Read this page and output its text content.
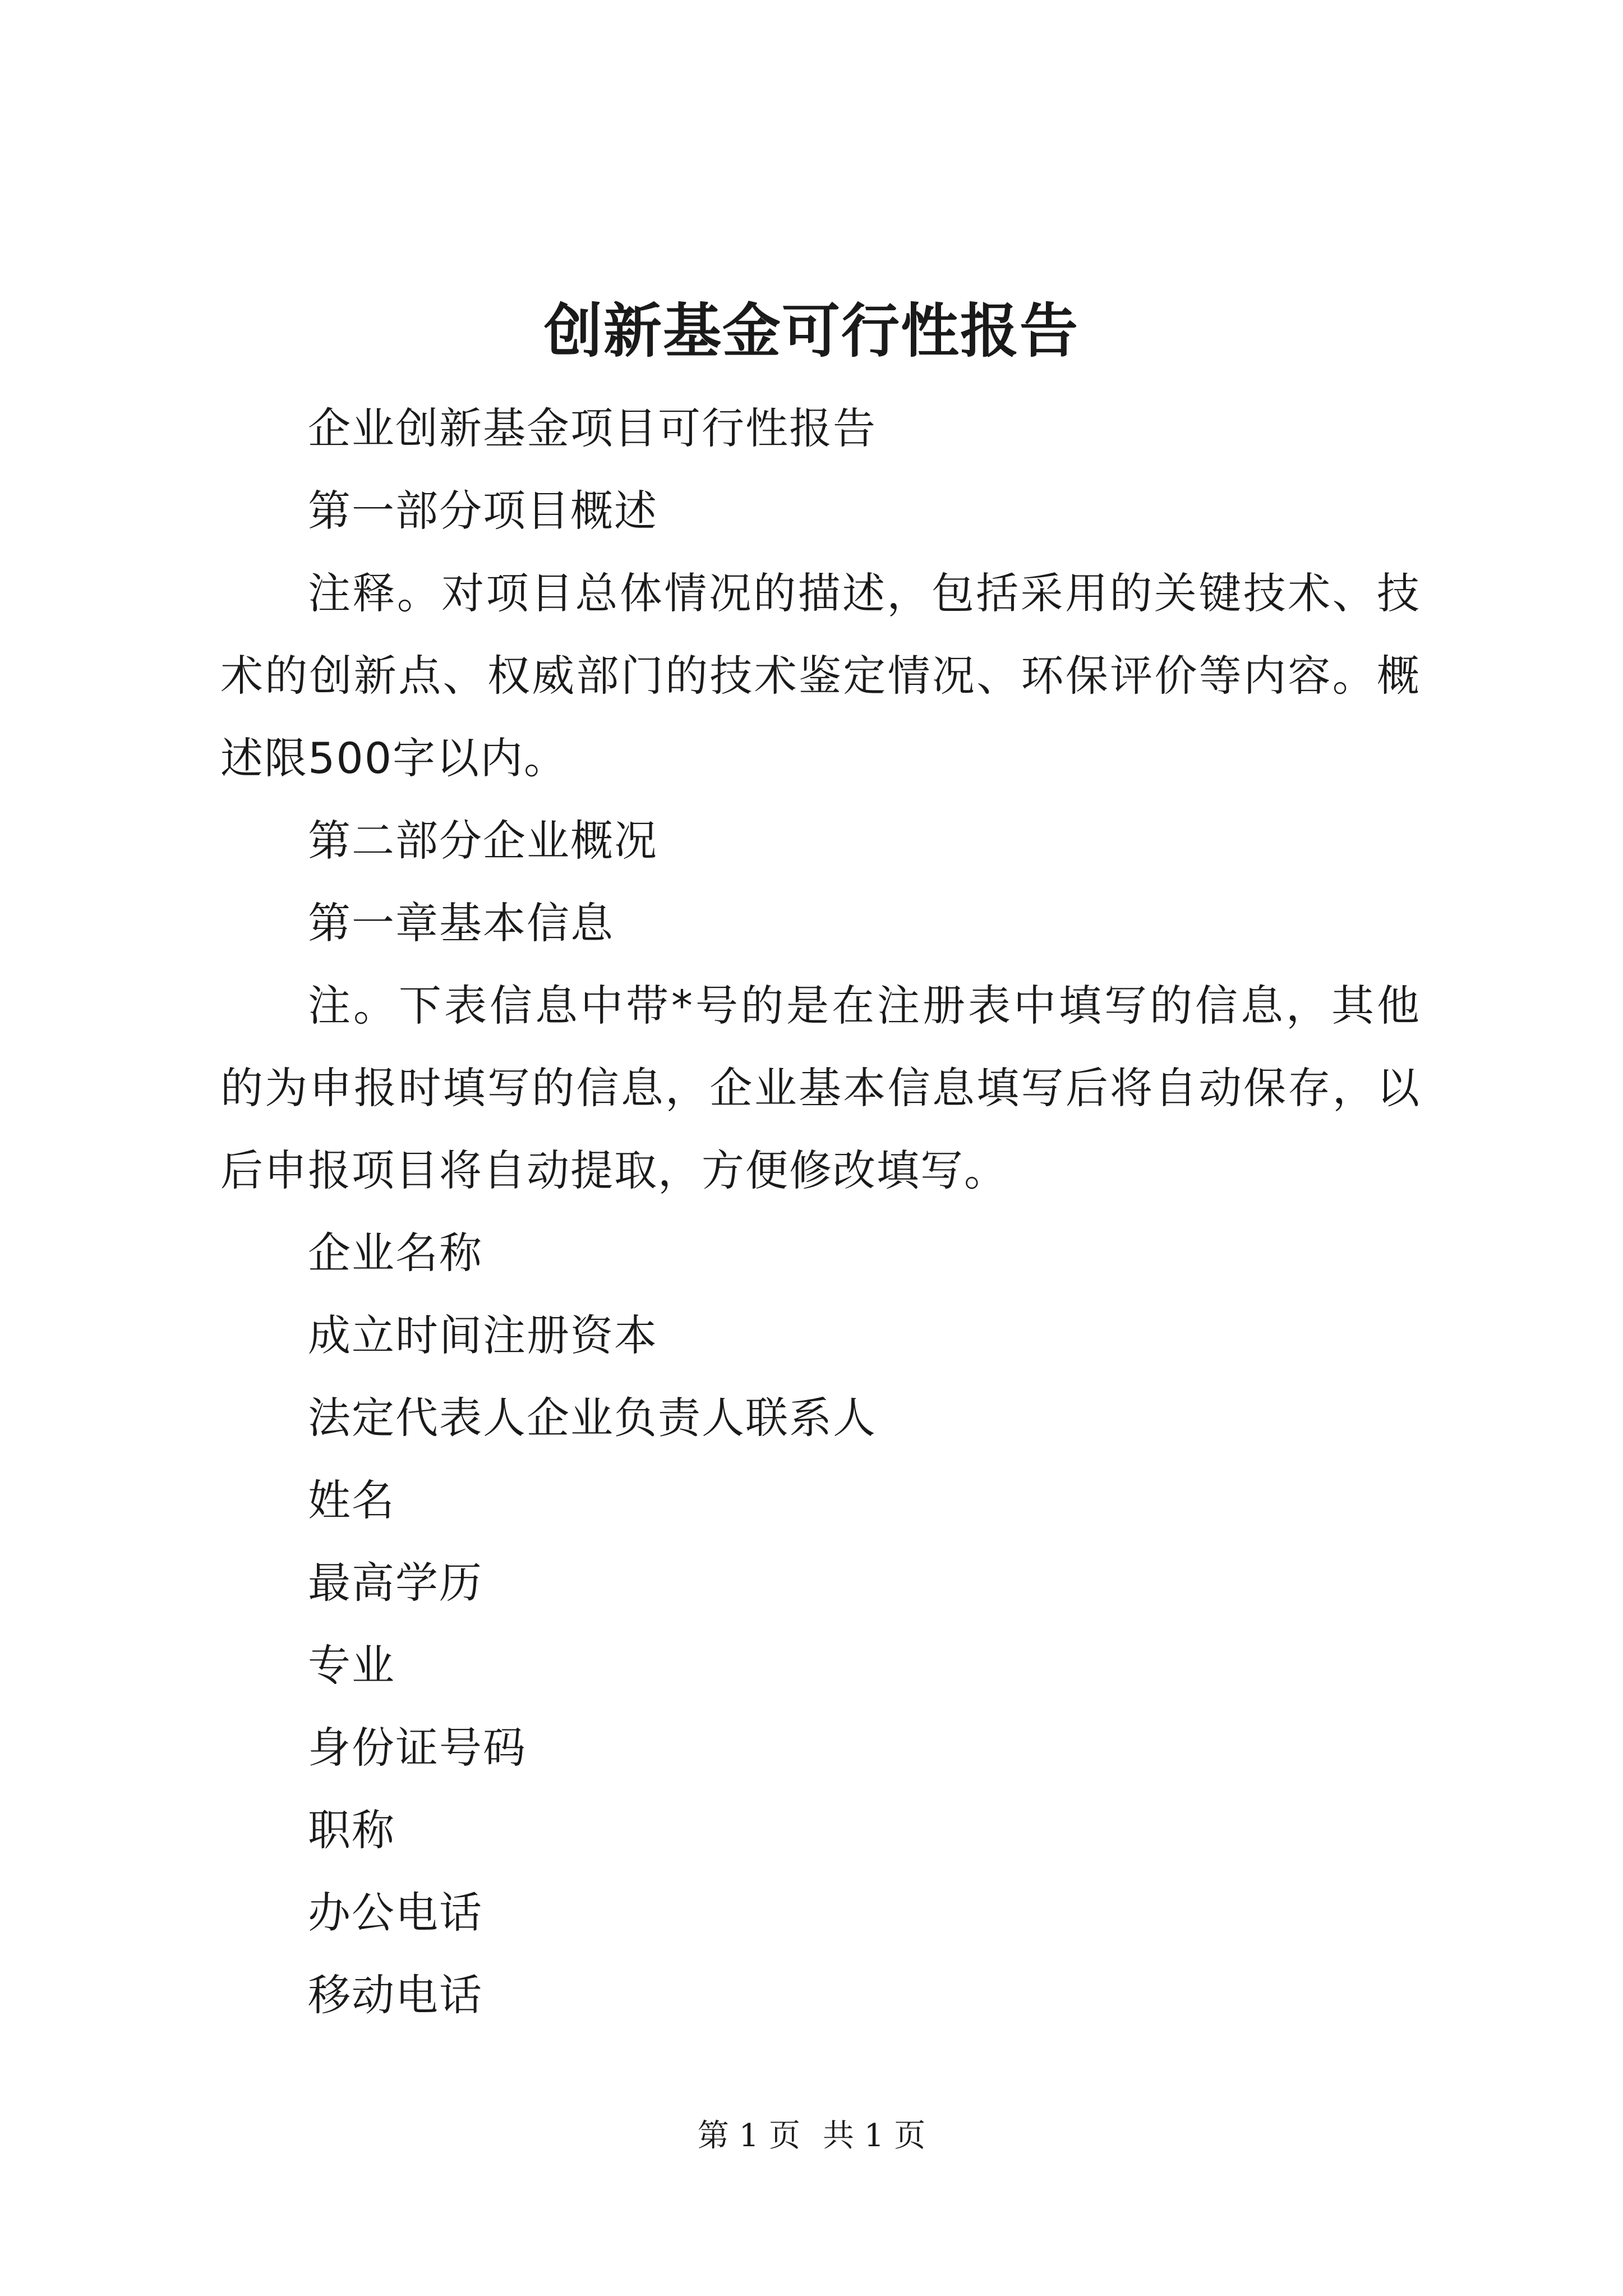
创新基金可行性报告

企业创新基金项目可行性报告

第一部分项目概述

注释。对项目总体情况的描述，包括采用的关键技术、技术的创新点、权威部门的技术鉴定情况、环保评价等内容。概述限500字以内。

第二部分企业概况

第一章基本信息

注。下表信息中带*号的是在注册表中填写的信息，其他的为申报时填写的信息，企业基本信息填写后将自动保存，以后申报项目将自动提取，方便修改填写。

企业名称

成立时间注册资本

法定代表人企业负责人联系人

姓名

最高学历

专业

身份证号码

职称

办公电话

移动电话

第 1 页 共 1 页
